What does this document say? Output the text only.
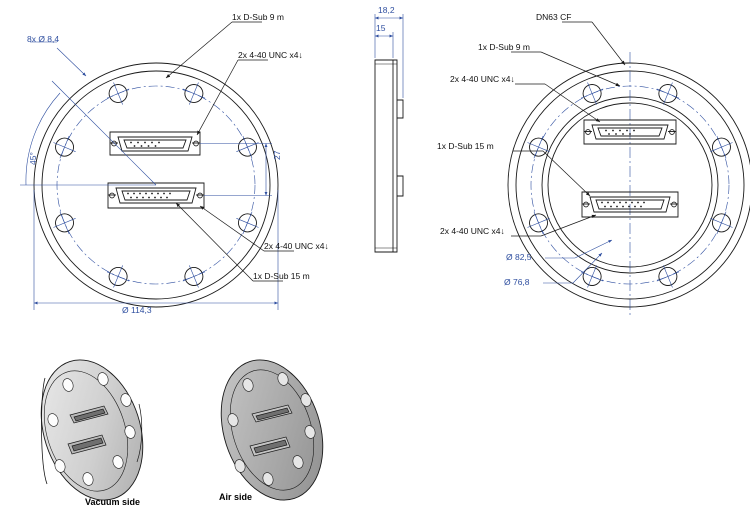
8x Ø 8,4
1x D-Sub 9 m
2x 4-40 UNC x4↓
2x 4-40 UNC x4↓
1x D-Sub 15 m
45°	27
Ø 114,3
18,2
15
DN63 CF
1x D-Sub 9 m
2x 4-40 UNC x4↓
1x D-Sub 15 m
2x 4-40 UNC x4↓
Ø 82,5
Ø 76,8
Vacuum side	Air side
